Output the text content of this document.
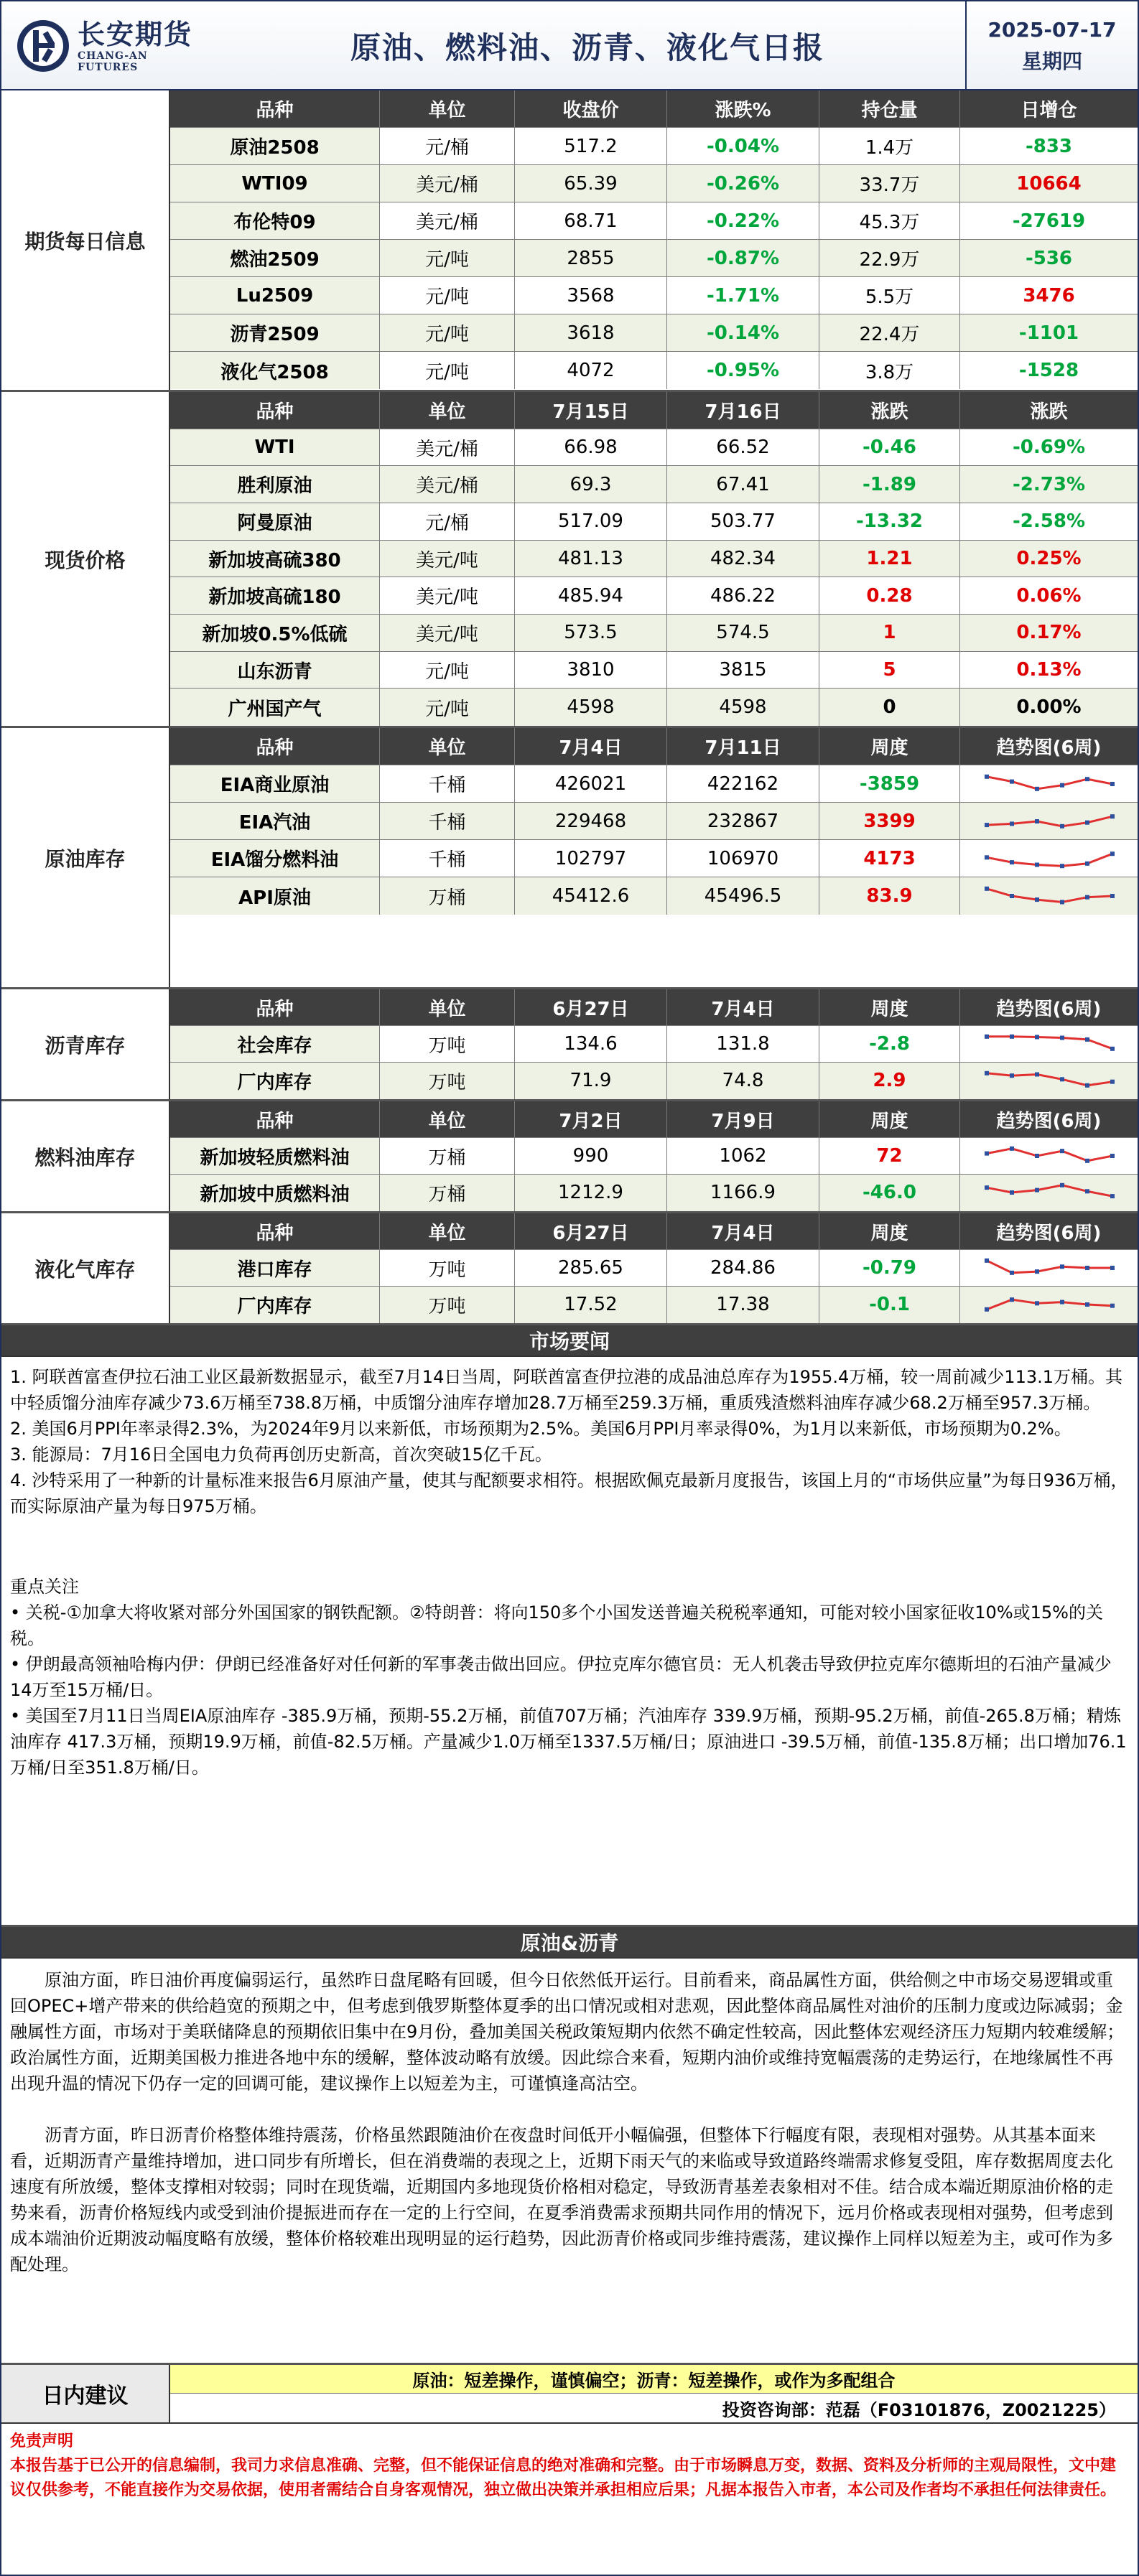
长安期货
CHANG-AN FUTURES
原油、燃料油、沥青、液化气日报
2025-07-17
星期四
期货每日信息
品种	单位	收盘价	涨跌%	持仓量	日增仓
原油2508	元/桶	517.2	-0.04%	1.4万	-833
WTI09	美元/桶	65.39	-0.26%	33.7万	10664
布伦特09	美元/桶	68.71	-0.22%	45.3万	-27619
燃油2509	元/吨	2855	-0.87%	22.9万	-536
Lu2509	元/吨	3568	-1.71%	5.5万	3476
沥青2509	元/吨	3618	-0.14%	22.4万	-1101
液化气2508	元/吨	4072	-0.95%	3.8万	-1528
现货价格
品种	单位	7月15日	7月16日	涨跌	涨跌
WTI	美元/桶	66.98	66.52	-0.46	-0.69%
胜利原油	美元/桶	69.3	67.41	-1.89	-2.73%
阿曼原油	元/桶	517.09	503.77	-13.32	-2.58%
新加坡高硫380	美元/吨	481.13	482.34	1.21	0.25%
新加坡高硫180	美元/吨	485.94	486.22	0.28	0.06%
新加坡0.5%低硫	美元/吨	573.5	574.5	1	0.17%
山东沥青	元/吨	3810	3815	5	0.13%
广州国产气	元/吨	4598	4598	0	0.00%
原油库存
品种	单位	7月4日	7月11日	周度	趋势图(6周)
EIA商业原油	千桶	426021	422162	-3859
EIA汽油	千桶	229468	232867	3399
EIA馏分燃料油	千桶	102797	106970	4173
API原油	万桶	45412.6	45496.5	83.9
沥青库存
品种	单位	6月27日	7月4日	周度	趋势图(6周)
社会库存	万吨	134.6	131.8	-2.8
厂内库存	万吨	71.9	74.8	2.9
燃料油库存
品种	单位	7月2日	7月9日	周度	趋势图(6周)
新加坡轻质燃料油	万桶	990	1062	72
新加坡中质燃料油	万桶	1212.9	1166.9	-46.0
液化气库存
品种	单位	6月27日	7月4日	周度	趋势图(6周)
港口库存	万吨	285.65	284.86	-0.79
厂内库存	万吨	17.52	17.38	-0.1
市场要闻

1. 阿联酋富查伊拉石油工业区最新数据显示，截至7月14日当周，阿联酋富查伊拉港的成品油总库存为1955.4万桶，较一周前减少113.1万桶。其中轻质馏分油库存减少73.6万桶至738.8万桶，中质馏分油库存增加28.7万桶至259.3万桶，重质残渣燃料油库存减少68.2万桶至957.3万桶。

2. 美国6月PPI年率录得2.3%，为2024年9月以来新低，市场预期为2.5%。美国6月PPI月率录得0%，为1月以来新低，市场预期为0.2%。

3. 能源局：7月16日全国电力负荷再创历史新高，首次突破15亿千瓦。

4. 沙特采用了一种新的计量标准来报告6月原油产量，使其与配额要求相符。根据欧佩克最新月度报告，该国上月的“市场供应量”为每日936万桶，而实际原油产量为每日975万桶。

重点关注

• 关税-①加拿大将收紧对部分外国国家的钢铁配额。②特朗普：将向150多个小国发送普遍关税税率通知，可能对较小国家征收10%或15%的关税。

• 伊朗最高领袖哈梅内伊：伊朗已经准备好对任何新的军事袭击做出回应。伊拉克库尔德官员：无人机袭击导致伊拉克库尔德斯坦的石油产量减少14万至15万桶/日。

• 美国至7月11日当周EIA原油库存 -385.9万桶，预期-55.2万桶，前值707万桶；汽油库存 339.9万桶，预期-95.2万桶，前值-265.8万桶；精炼油库存 417.3万桶，预期19.9万桶，前值-82.5万桶。产量减少1.0万桶至1337.5万桶/日；原油进口 -39.5万桶，前值-135.8万桶；出口增加76.1万桶/日至351.8万桶/日。

原油&沥青

原油方面，昨日油价再度偏弱运行，虽然昨日盘尾略有回暖，但今日依然低开运行。目前看来，商品属性方面，供给侧之中市场交易逻辑或重回OPEC+增产带来的供给趋宽的预期之中，但考虑到俄罗斯整体夏季的出口情况或相对悲观，因此整体商品属性对油价的压制力度或边际减弱；金融属性方面，市场对于美联储降息的预期依旧集中在9月份，叠加美国关税政策短期内依然不确定性较高，因此整体宏观经济压力短期内较难缓解；政治属性方面，近期美国极力推进各地中东的缓解，整体波动略有放缓。因此综合来看，短期内油价或维持宽幅震荡的走势运行，在地缘属性不再出现升温的情况下仍存一定的回调可能，建议操作上以短差为主，可谨慎逢高沽空。

沥青方面，昨日沥青价格整体维持震荡，价格虽然跟随油价在夜盘时间低开小幅偏强，但整体下行幅度有限，表现相对强势。从其基本面来看，近期沥青产量维持增加，进口同步有所增长，但在消费端的表现之上，近期下雨天气的来临或导致道路终端需求修复受阻，库存数据周度去化速度有所放缓，整体支撑相对较弱；同时在现货端，近期国内多地现货价格相对稳定，导致沥青基差表象相对不佳。结合成本端近期原油价格的走势来看，沥青价格短线内或受到油价提振进而存在一定的上行空间，在夏季消费需求预期共同作用的情况下，远月价格或表现相对强势，但考虑到成本端油价近期波动幅度略有放缓，整体价格较难出现明显的运行趋势，因此沥青价格或同步维持震荡，建议操作上同样以短差为主，或可作为多配处理。

日内建议
原油：短差操作，谨慎偏空；沥青：短差操作，或作为多配组合
投资咨询部：范磊（F03101876，Z0021225）
免责声明
本报告基于已公开的信息编制，我司力求信息准确、完整，但不能保证信息的绝对准确和完整。由于市场瞬息万变，数据、资料及分析师的主观局限性，文中建议仅供参考，不能直接作为交易依据，使用者需结合自身客观情况，独立做出决策并承担相应后果；凡据本报告入市者，本公司及作者均不承担任何法律责任。
